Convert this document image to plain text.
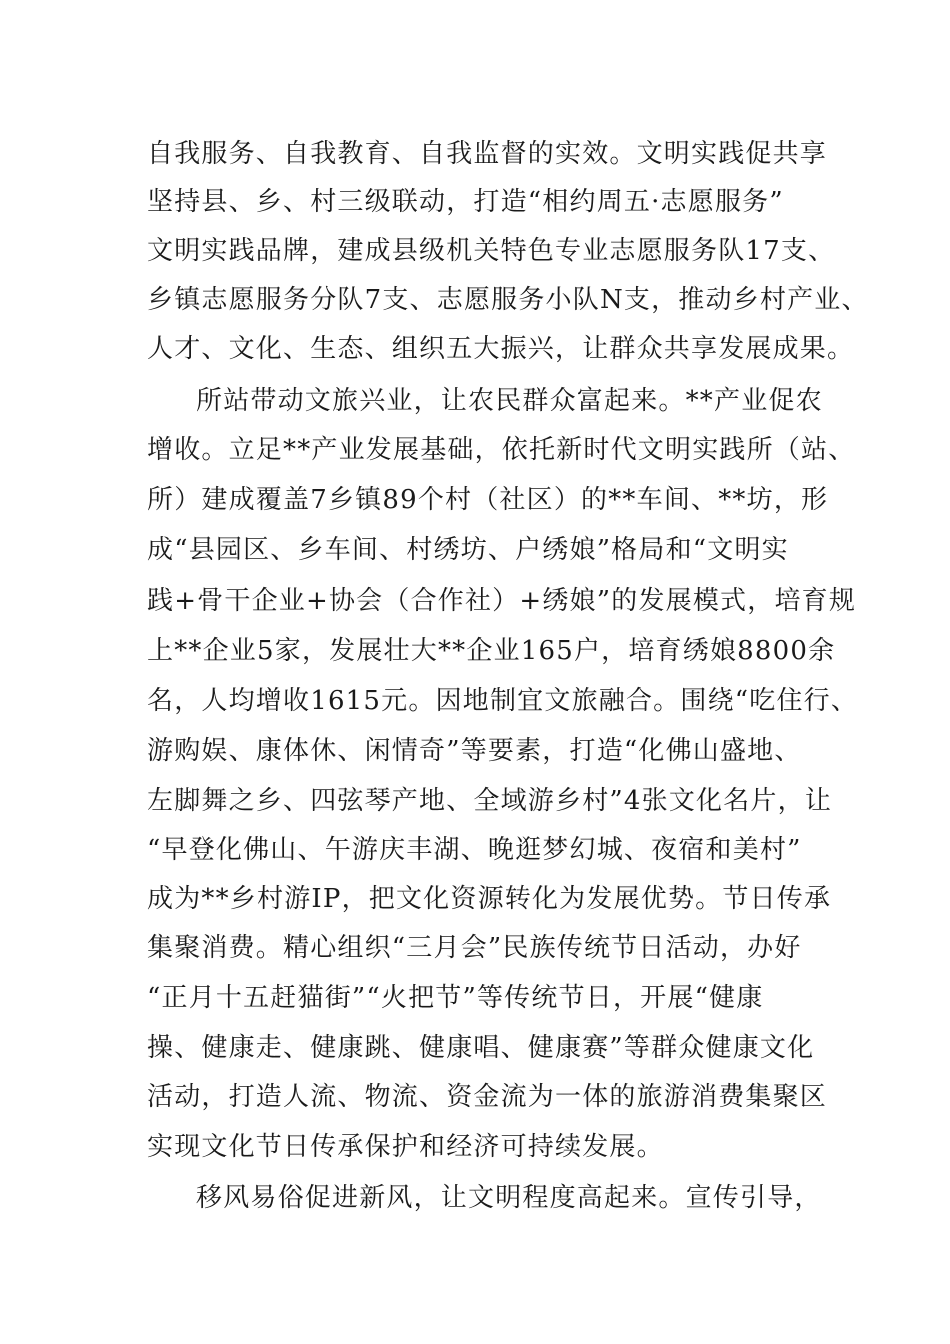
自我服务、自我教育、自我监督的实效。文明实践促共享
坚持县、乡、村三级联动，打造“相约周五·志愿服务”
文明实践品牌，建成县级机关特色专业志愿服务队17支、
乡镇志愿服务分队7支、志愿服务小队N支，推动乡村产业、
人才、文化、生态、组织五大振兴，让群众共享发展成果。
所站带动文旅兴业，让农民群众富起来。**产业促农
增收。立足**产业发展基础，依托新时代文明实践所（站、
所）建成覆盖7乡镇89个村（社区）的**车间、**坊，形
成“县园区、乡车间、村绣坊、户绣娘”格局和“文明实
践+骨干企业+协会（合作社）+绣娘”的发展模式，培育规
上**企业5家，发展壮大**企业165户，培育绣娘8800余
名，人均增收1615元。因地制宜文旅融合。围绕“吃住行、
游购娱、康体休、闲情奇”等要素，打造“化佛山盛地、
左脚舞之乡、四弦琴产地、全域游乡村”4张文化名片，让
“早登化佛山、午游庆丰湖、晚逛梦幻城、夜宿和美村”
成为**乡村游IP，把文化资源转化为发展优势。节日传承
集聚消费。精心组织“三月会”民族传统节日活动，办好
“正月十五赶猫街”“火把节”等传统节日，开展“健康
操、健康走、健康跳、健康唱、健康赛”等群众健康文化
活动，打造人流、物流、资金流为一体的旅游消费集聚区
实现文化节日传承保护和经济可持续发展。
移风易俗促进新风，让文明程度高起来。宣传引导，
